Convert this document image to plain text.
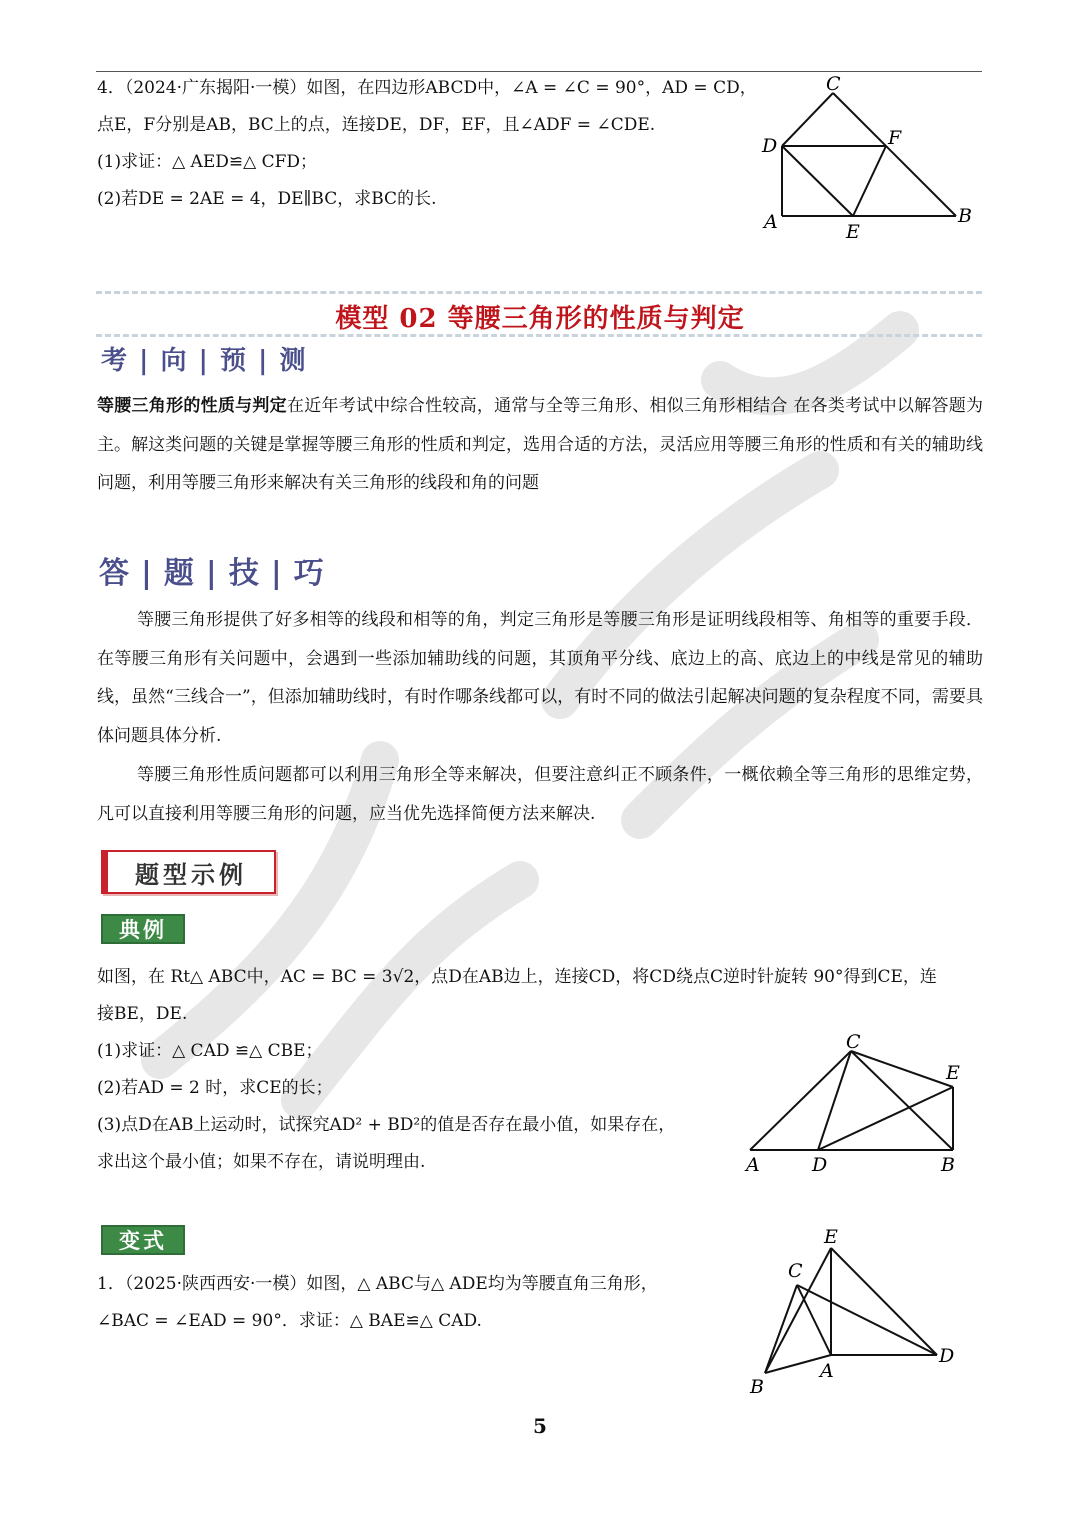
4．（2024·广东揭阳·一模）如图，在四边形ABCD中，∠A = ∠C = 90°，AD = CD，
点E，F分别是AB，BC上的点，连接DE，DF，EF，且∠ADF = ∠CDE.
(1)求证：△ AED≌△ CFD；
(2)若DE = 2AE = 4，DE∥BC，求BC的长.
C
D	F
A	E
B
模型 02 等腰三角形的性质与判定
考 | 向 | 预 | 测
等腰三角形的性质与判定在近年考试中综合性较高，通常与全等三角形、相似三角形相结合 在各类考试中以解答题为主。解这类问题的关键是掌握等腰三角形的性质和判定，选用合适的方法，灵活应用等腰三角形的性质和有关的辅助线问题，利用等腰三角形来解决有关三角形的线段和角的问题
答 | 题 | 技 | 巧
等腰三角形提供了好多相等的线段和相等的角，判定三角形是等腰三角形是证明线段相等、角相等的重要手段．在等腰三角形有关问题中，会遇到一些添加辅助线的问题，其顶角平分线、底边上的高、底边上的中线是常见的辅助线，虽然“三线合一”，但添加辅助线时，有时作哪条线都可以，有时不同的做法引起解决问题的复杂程度不同，需要具体问题具体分析.
等腰三角形性质问题都可以利用三角形全等来解决，但要注意纠正不顾条件，一概依赖全等三角形的思维定势，凡可以直接利用等腰三角形的问题，应当优先选择简便方法来解决.
题型示例
典例
如图，在 Rt△ ABC中，AC = BC = 3√2，点D在AB边上，连接CD，将CD绕点C逆时针旋转 90°得到CE，连
接BE，DE.
(1)求证：△ CAD ≌△ CBE；
(2)若AD = 2 时，求CE的长；
(3)点D在AB上运动时，试探究AD² + BD²的值是否存在最小值，如果存在，
求出这个最小值；如果不存在，请说明理由.
C
E
A	D	B
变式
1．（2025·陕西西安·一模）如图，△ ABC与△ ADE均为等腰直角三角形，
∠BAC = ∠EAD = 90°．求证：△ BAE≌△ CAD.
E
C
D
A
B
5
